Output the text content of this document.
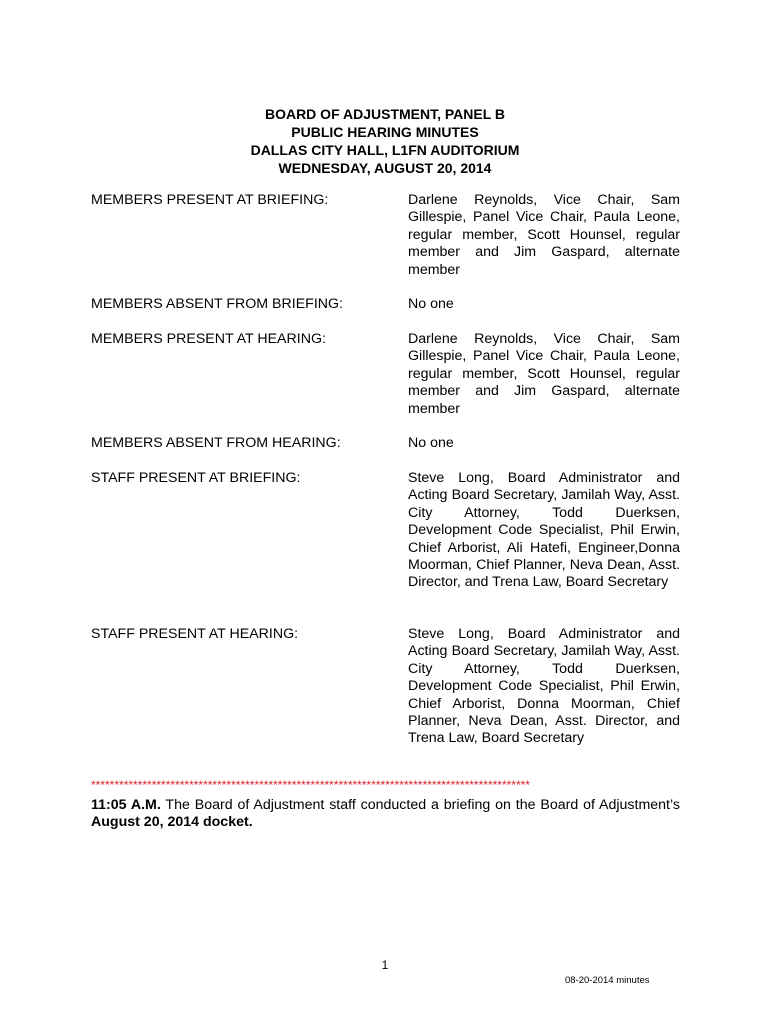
BOARD OF ADJUSTMENT, PANEL B
PUBLIC HEARING MINUTES
DALLAS CITY HALL, L1FN AUDITORIUM
WEDNESDAY, AUGUST 20, 2014
MEMBERS PRESENT AT BRIEFING:	Darlene Reynolds, Vice Chair, Sam Gillespie, Panel Vice Chair, Paula Leone, regular member, Scott Hounsel, regular member and Jim Gaspard, alternate member
MEMBERS ABSENT FROM BRIEFING:	No one
MEMBERS PRESENT AT HEARING:	Darlene Reynolds, Vice Chair, Sam Gillespie, Panel Vice Chair, Paula Leone, regular member, Scott Hounsel, regular member and Jim Gaspard, alternate member
MEMBERS ABSENT FROM HEARING:	No one
STAFF PRESENT AT BRIEFING:	Steve Long, Board Administrator and Acting Board Secretary, Jamilah Way, Asst. City Attorney, Todd Duerksen, Development Code Specialist, Phil Erwin, Chief Arborist, Ali Hatefi, Engineer,Donna Moorman, Chief Planner, Neva Dean, Asst. Director, and Trena Law, Board Secretary
STAFF PRESENT AT HEARING:	Steve Long, Board Administrator and Acting Board Secretary, Jamilah Way, Asst. City Attorney, Todd Duerksen, Development Code Specialist, Phil Erwin, Chief Arborist, Donna Moorman, Chief Planner, Neva Dean, Asst. Director, and Trena Law, Board Secretary
**********************************************************************************************
11:05 A.M. The Board of Adjustment staff conducted a briefing on the Board of Adjustment’s August 20, 2014 docket.
1
08-20-2014 minutes
